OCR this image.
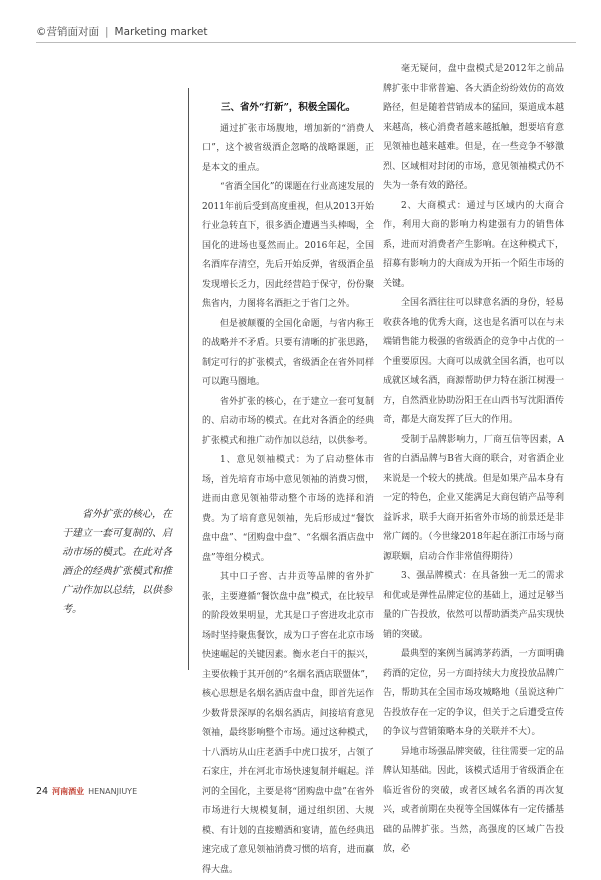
©营销面对面 | Marketing market
省外扩张的核心，在于建立一套可复制的、启动市场的模式。在此对各酒企的经典扩张模式和推广动作加以总结，以供参考。

三、省外“打新”，积极全国化。

通过扩张市场腹地，增加新的“消费人口”，这个被省级酒企忽略的战略课题，正是本文的重点。

“省酒全国化”的课题在行业高速发展的2011年前后受到高度重视，但从2013开始行业急转直下，很多酒企遭遇当头棒喝，全国化的进场也戛然而止。2016年起，全国名酒库存清空，先后开始反弹，省级酒企虽发现增长乏力，因此经营趋于保守，份份聚焦省内，力图将名酒拒之于省门之外。

但是被颠覆的全国化命题，与省内称王的战略并不矛盾。只要有清晰的扩张思路，制定可行的扩张模式，省级酒企在省外同样可以跑马圈地。

省外扩张的核心，在于建立一套可复制的、启动市场的模式。在此对各酒企的经典扩张模式和推广动作加以总结，以供参考。

1、意见领袖模式：为了启动整体市场，首先培育市场中意见领袖的消费习惯，进而由意见领袖带动整个市场的选择和消费。为了培育意见领袖，先后形成过“餐饮盘中盘”、“团购盘中盘”、“名烟名酒店盘中盘”等组分模式。

其中口子窖、古井贡等品牌的省外扩张，主要遵循“餐饮盘中盘”模式，在比较早的阶段效果明显，尤其是口子窖进攻北京市场时坚持聚焦餐饮，成为口子窖在北京市场快速崛起的关键因素。衡水老白干的振兴，主要依赖于其开创的“名烟名酒店联盟体”，核心思想是名烟名酒店盘中盘，即首先运作少数背景深厚的名烟名酒店，间接培育意见领袖，最终影响整个市场。通过这种模式，十八酒坊从山庄老酒手中虎口拔牙，占领了石家庄，并在河北市场快速复制并崛起。洋河的全国化，主要是将“团购盘中盘”在省外市场进行大规模复制，通过组织团、大规模、有计划的直接赠酒和宴请，蓝色经典迅速完成了意见领袖消费习惯的培育，进而赢得大盘。

毫无疑问，盘中盘模式是2012年之前品牌扩张中非常普遍、各大酒企纷纷效仿的高效路径，但是随着营销成本的猛回，渠道成本越来越高，核心消费者越来越抵触，想要培育意见领袖也越来越难。但是，在一些竞争不够激烈、区域相对封闭的市场，意见领袖模式仍不失为一条有效的路径。

2、大商模式：通过与区域内的大商合作，利用大商的影响力构建强有力的销售体系，进而对消费者产生影响。在这种模式下，招募有影响力的大商成为开拓一个陌生市场的关键。

全国名酒往往可以肆意名酒的身份，轻易收获各地的优秀大商，这也是名酒可以在与未端销售能力极强的省级酒企的竞争中占优的一个重要原因。大商可以成就全国名酒，也可以成就区域名酒，商源帮助伊力特在浙江树漫一方，自然酒业协助汾阳王在山西书写沈阳酒传奇，都是大商发挥了巨大的作用。

受制于品牌影响力，厂商互信等因素，A省的白酒品牌与B省大商的联合，对省酒企业来说是一个较大的挑战。但是如果产品本身有一定的特色，企业又能满足大商包销产品等利益诉求，联手大商开拓省外市场的前景还是非常广阔的。（今世缘2018年起在浙江市场与商源联姻，启动合作非常值得期待）

3、强品牌模式：在具备独一无二的需求和优或是弹性品牌定位的基础上，通过足够当量的广告投放，依然可以帮助酒类产品实现快销的突破。

最典型的案例当属鸿茅药酒，一方面明确药酒的定位，另一方面持续大力度投放品牌广告，帮助其在全国市场攻城略地（虽说这种广告投放存在一定的争议，但关于之后遭受宣传的争议与营销策略本身的关联并不大）。

异地市场强品牌突破，往往需要一定的品牌认知基础。因此，该模式适用于省级酒企在临近省份的突破，或者区域名名酒的再次复兴，或者前期在央视等全国媒体有一定传播基础的品牌扩张。当然，高强度的区域广告投放，必

24 河南酒业 HENANJIUYE
